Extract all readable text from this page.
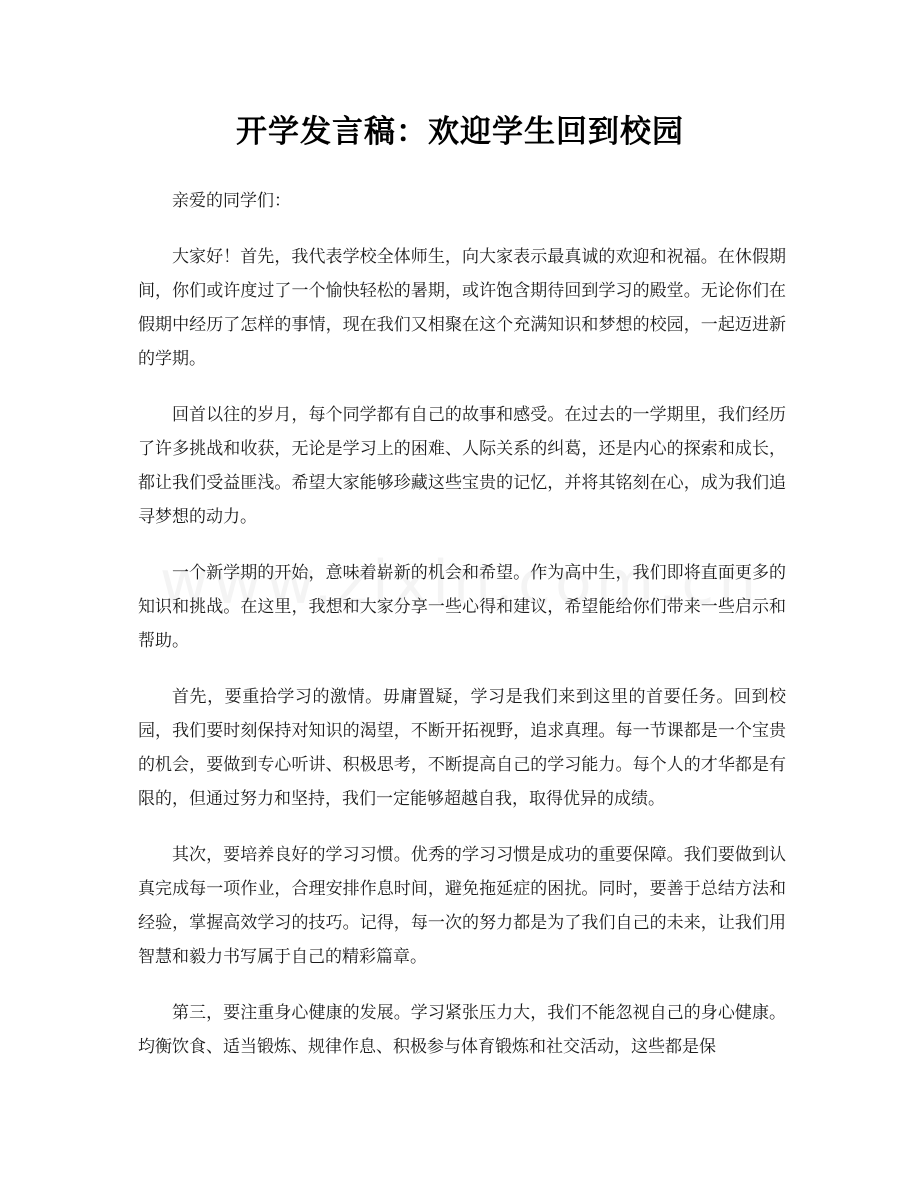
开学发言稿：欢迎学生回到校园

亲爱的同学们：

大家好！首先，我代表学校全体师生，向大家表示最真诚的欢迎和祝福。在休假期间，你们或许度过了一个愉快轻松的暑期，或许饱含期待回到学习的殿堂。无论你们在假期中经历了怎样的事情，现在我们又相聚在这个充满知识和梦想的校园，一起迈进新的学期。

回首以往的岁月，每个同学都有自己的故事和感受。在过去的一学期里，我们经历了许多挑战和收获，无论是学习上的困难、人际关系的纠葛，还是内心的探索和成长，都让我们受益匪浅。希望大家能够珍藏这些宝贵的记忆，并将其铭刻在心，成为我们追寻梦想的动力。

一个新学期的开始，意味着崭新的机会和希望。作为高中生，我们即将直面更多的知识和挑战。在这里，我想和大家分享一些心得和建议，希望能给你们带来一些启示和帮助。

首先，要重拾学习的激情。毋庸置疑，学习是我们来到这里的首要任务。回到校园，我们要时刻保持对知识的渴望，不断开拓视野，追求真理。每一节课都是一个宝贵的机会，要做到专心听讲、积极思考，不断提高自己的学习能力。每个人的才华都是有限的，但通过努力和坚持，我们一定能够超越自我，取得优异的成绩。

其次，要培养良好的学习习惯。优秀的学习习惯是成功的重要保障。我们要做到认真完成每一项作业，合理安排作息时间，避免拖延症的困扰。同时，要善于总结方法和经验，掌握高效学习的技巧。记得，每一次的努力都是为了我们自己的未来，让我们用智慧和毅力书写属于自己的精彩篇章。

第三，要注重身心健康的发展。学习紧张压力大，我们不能忽视自己的身心健康。均衡饮食、适当锻炼、规律作息、积极参与体育锻炼和社交活动，这些都是保
